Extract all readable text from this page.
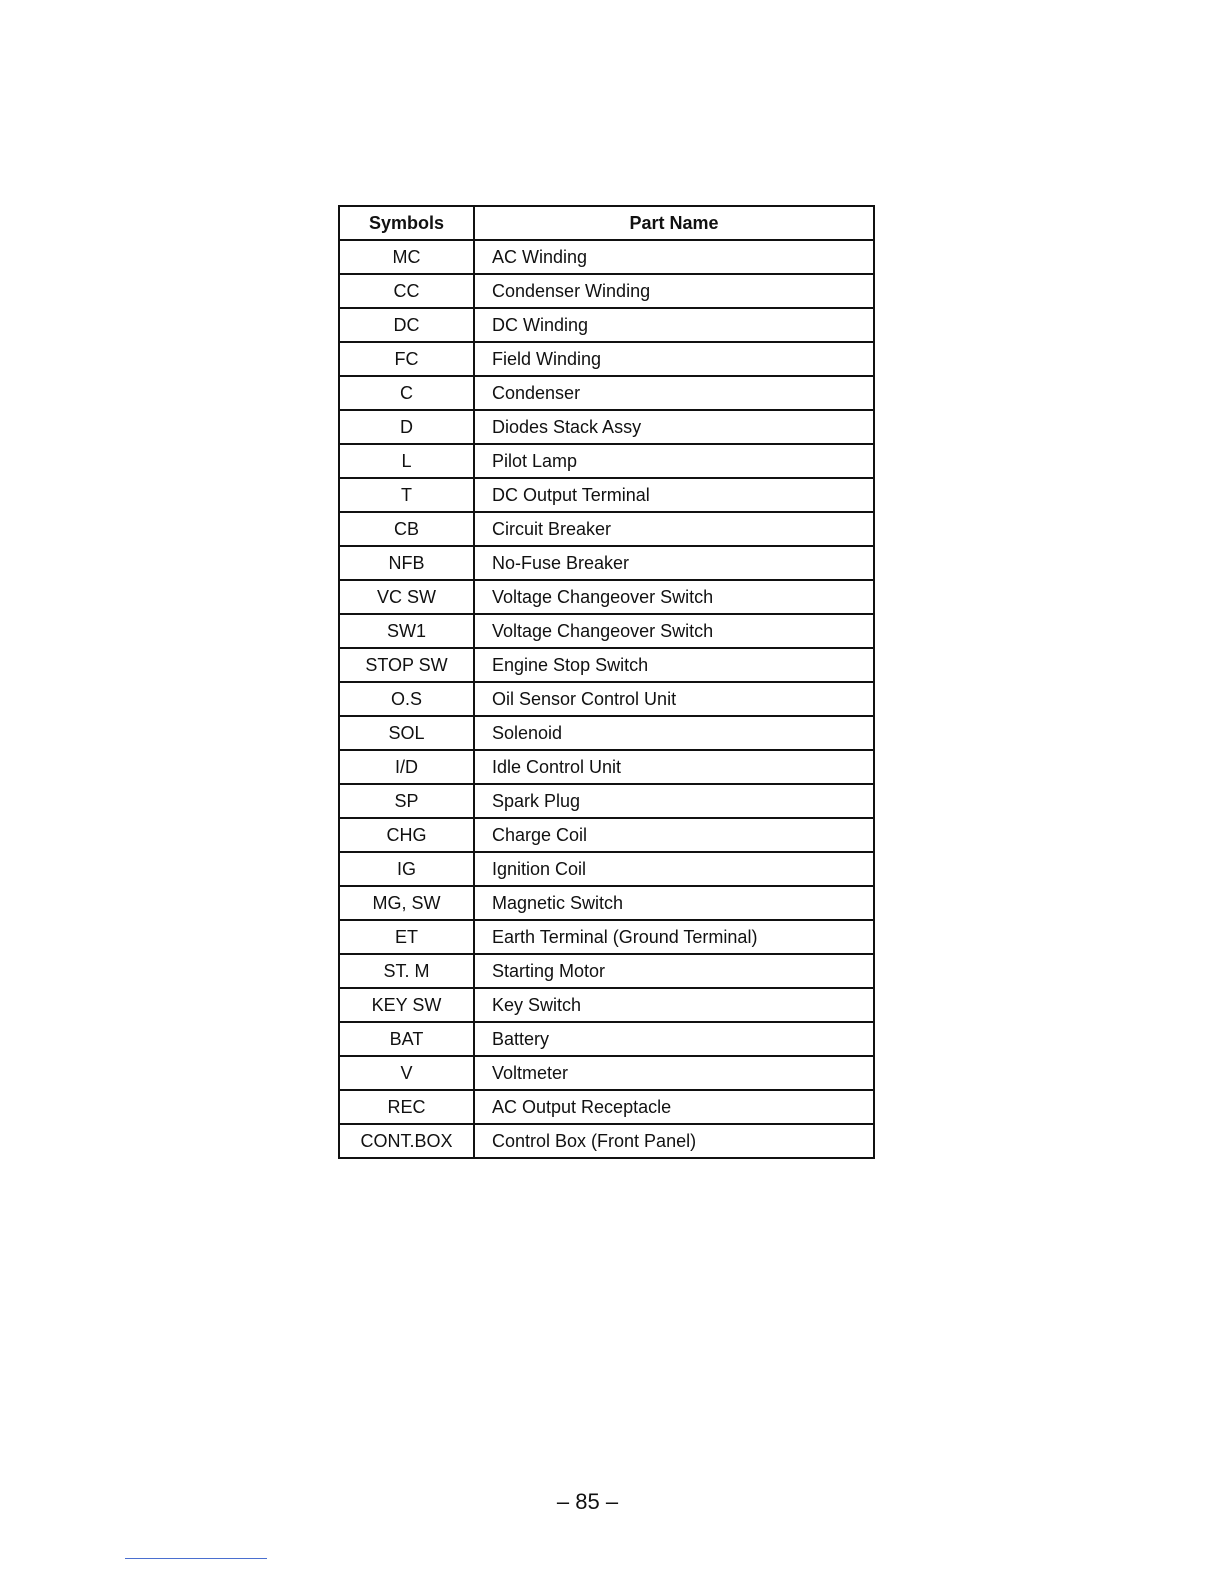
Symbols	Part Name
MC	AC Winding
CC	Condenser Winding
DC	DC Winding
FC	Field Winding
C	Condenser
D	Diodes Stack Assy
L	Pilot Lamp
T	DC Output Terminal
CB	Circuit Breaker
NFB	No-Fuse Breaker
VC SW	Voltage Changeover Switch
SW1	Voltage Changeover Switch
STOP SW	Engine Stop Switch
O.S	Oil Sensor Control Unit
SOL	Solenoid
I/D	Idle Control Unit
SP	Spark Plug
CHG	Charge Coil
IG	Ignition Coil
MG, SW	Magnetic Switch
ET	Earth Terminal (Ground Terminal)
ST. M	Starting Motor
KEY SW	Key Switch
BAT	Battery
V	Voltmeter
REC	AC Output Receptacle
CONT.BOX	Control Box (Front Panel)
– 85 –
